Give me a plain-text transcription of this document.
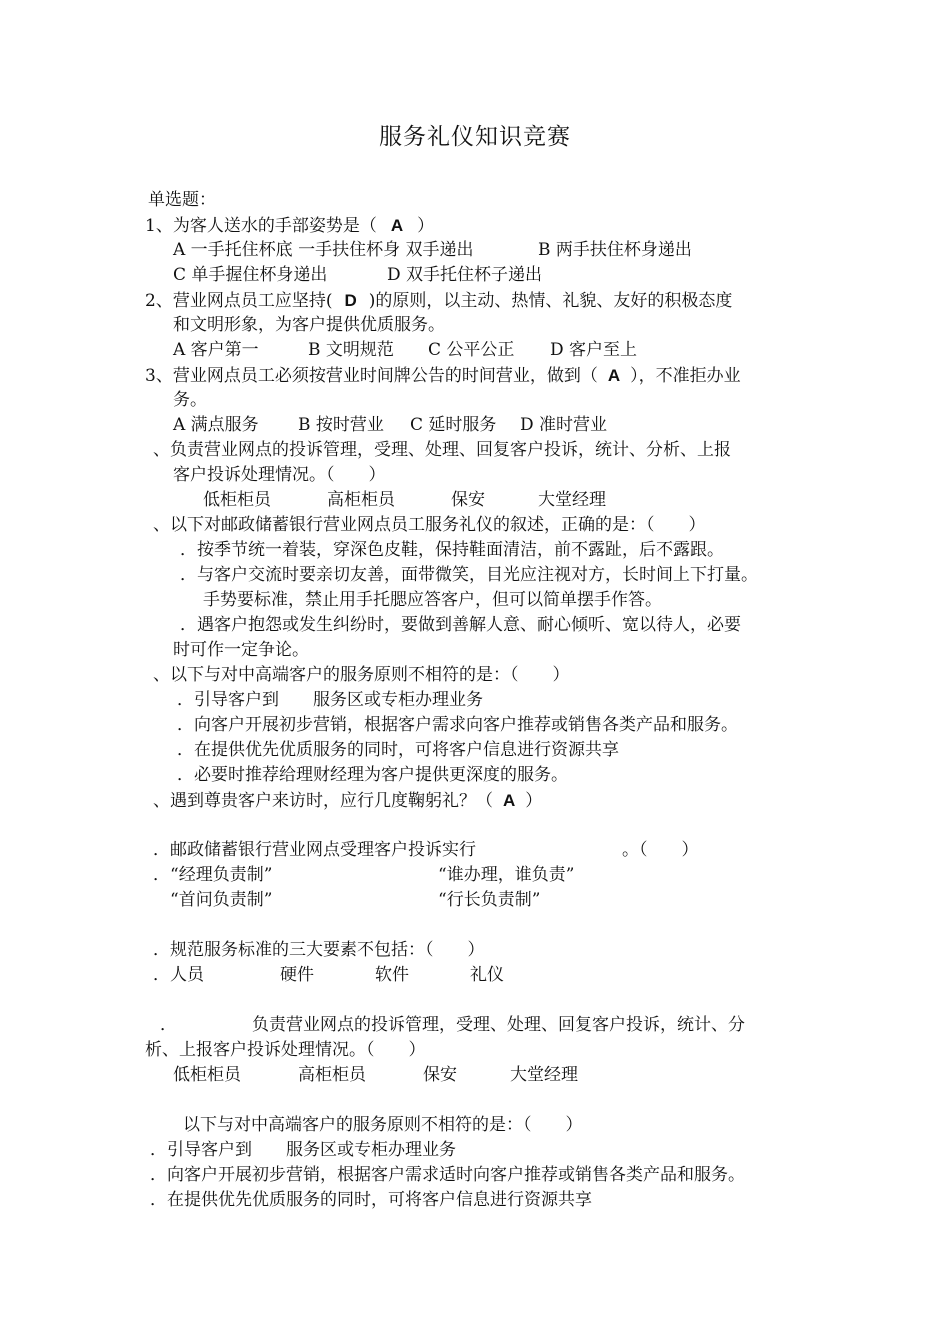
服务礼仪知识竞赛
单选题：
1、为客人送水的手部姿势是（ A ）
A 一手托住杯底 一手扶住杯身 双手递出	B 两手扶住杯身递出
C 单手握住杯身递出	D 双手托住杯子递出
2、营业网点员工应坚持( D )的原则，以主动、热情、礼貌、友好的积极态度
和文明形象，为客户提供优质服务。
A 客户第一	B 文明规范 C 公平公正 D 客户至上
3、营业网点员工必须按营业时间牌公告的时间营业，做到（ A ），不准拒办业
务。
A 满点服务 B 按时营业 C 延时服务 D 准时营业
、负责营业网点的投诉管理，受理、处理、回复客户投诉，统计、分析、上报
客户投诉处理情况。（　　）
低柜柜员	高柜柜员	保安	大堂经理
、以下对邮政储蓄银行营业网点员工服务礼仪的叙述，正确的是：（　　）
．按季节统一着装，穿深色皮鞋，保持鞋面清洁，前不露趾，后不露跟。
．与客户交流时要亲切友善，面带微笑，目光应注视对方，长时间上下打量。
手势要标准，禁止用手托腮应答客户，但可以简单摆手作答。
．遇客户抱怨或发生纠纷时，要做到善解人意、耐心倾听、宽以待人，必要
时可作一定争论。
、以下与对中高端客户的服务原则不相符的是：（　　）
．引导客户到　　服务区或专柜办理业务
．向客户开展初步营销，根据客户需求向客户推荐或销售各类产品和服务。
．在提供优先优质服务的同时，可将客户信息进行资源共享
．必要时推荐给理财经理为客户提供更深度的服务。
、遇到尊贵客户来访时，应行几度鞠躬礼？（ A ）
．邮政储蓄银行营业网点受理客户投诉实行	。（　　）
．“经理负责制”	“谁办理，谁负责”
“首问负责制”	“行长负责制”
．规范服务标准的三大要素不包括：（　　）
．人员	硬件	软件	礼仪
．	负责营业网点的投诉管理，受理、处理、回复客户投诉，统计、分
析、上报客户投诉处理情况。（　　）
低柜柜员	高柜柜员	保安	大堂经理
以下与对中高端客户的服务原则不相符的是：（　　）
．引导客户到　　服务区或专柜办理业务
．向客户开展初步营销，根据客户需求适时向客户推荐或销售各类产品和服务。
．在提供优先优质服务的同时，可将客户信息进行资源共享
